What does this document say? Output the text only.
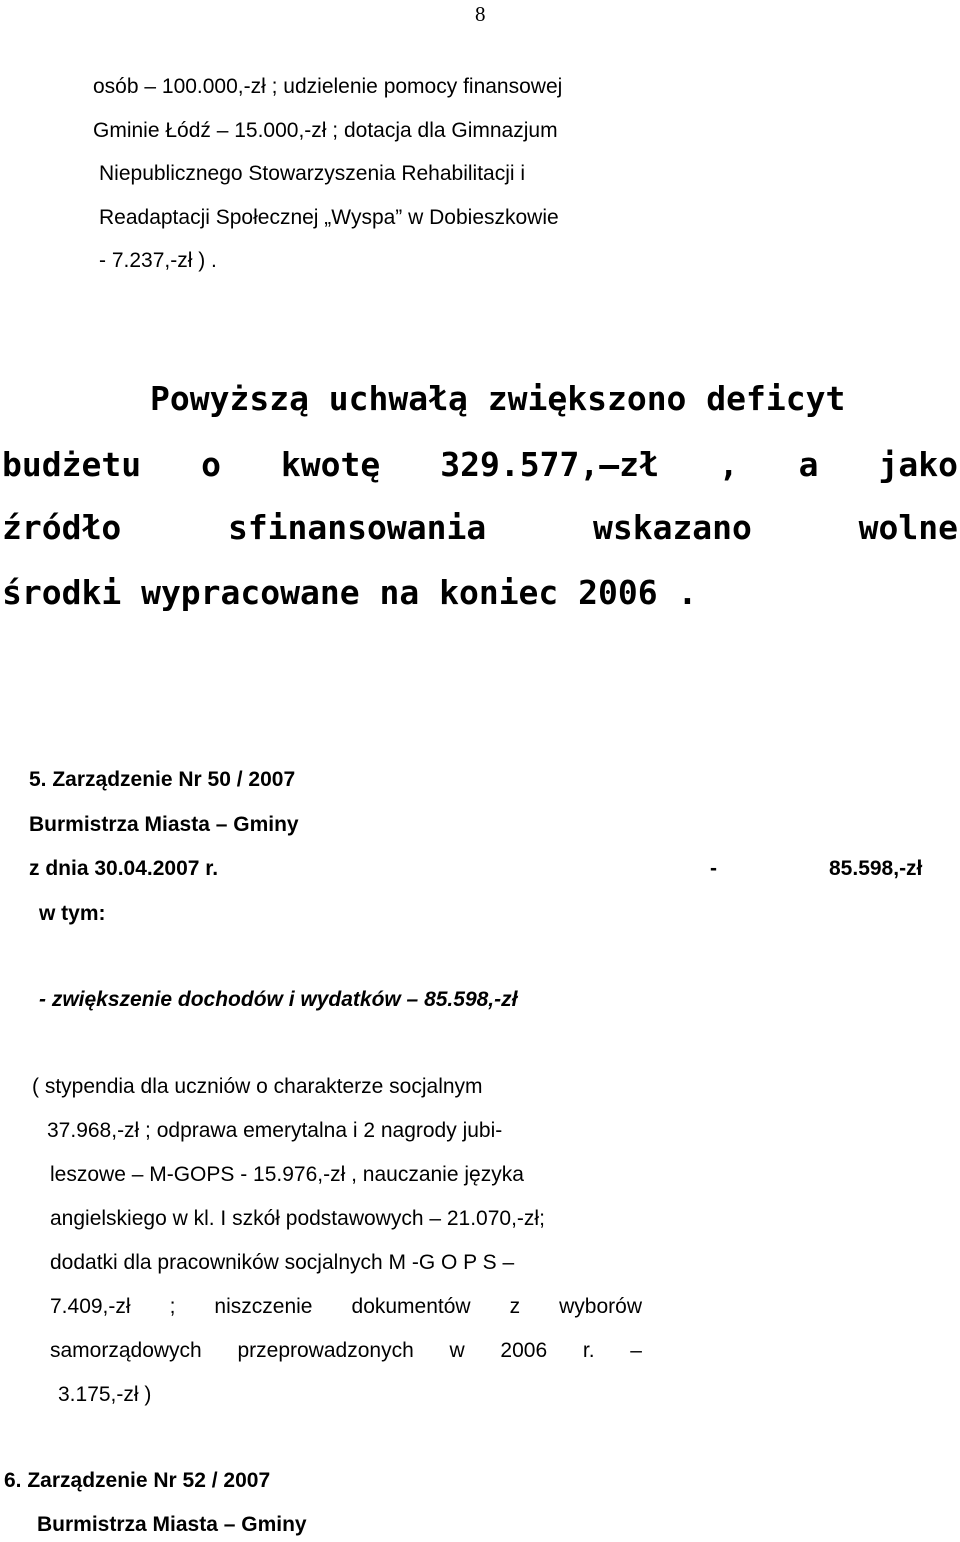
8
osób – 100.000,-zł ; udzielenie pomocy finansowej
Gminie Łódź – 15.000,-zł ; dotacja dla Gimnazjum
Niepublicznego Stowarzyszenia Rehabilitacji i
Readaptacji Społecznej „Wyspa” w Dobieszkowie
- 7.237,-zł ) .
Powyższą uchwałą zwiększono deficyt
budżetu o kwotę 329.577,–zł , a jako
źródło sfinansowania wskazano wolne
środki wypracowane na koniec 2006 .
5. Zarządzenie Nr 50 / 2007
Burmistrza Miasta – Gminy
z dnia 30.04.2007 r.	-	85.598,-zł
w tym:
- zwiększenie dochodów i wydatków – 85.598,-zł
( stypendia dla uczniów o charakterze socjalnym
37.968,-zł ; odprawa emerytalna i 2 nagrody jubi-
leszowe – M-GOPS - 15.976,-zł , nauczanie języka
angielskiego w kl. I szkół podstawowych – 21.070,-zł;
dodatki dla pracowników socjalnych M -G O P S –
7.409,-zł ; niszczenie dokumentów z wyborów
samorządowych przeprowadzonych w 2006 r. –
3.175,-zł )
6. Zarządzenie Nr 52 / 2007
Burmistrza Miasta – Gminy
